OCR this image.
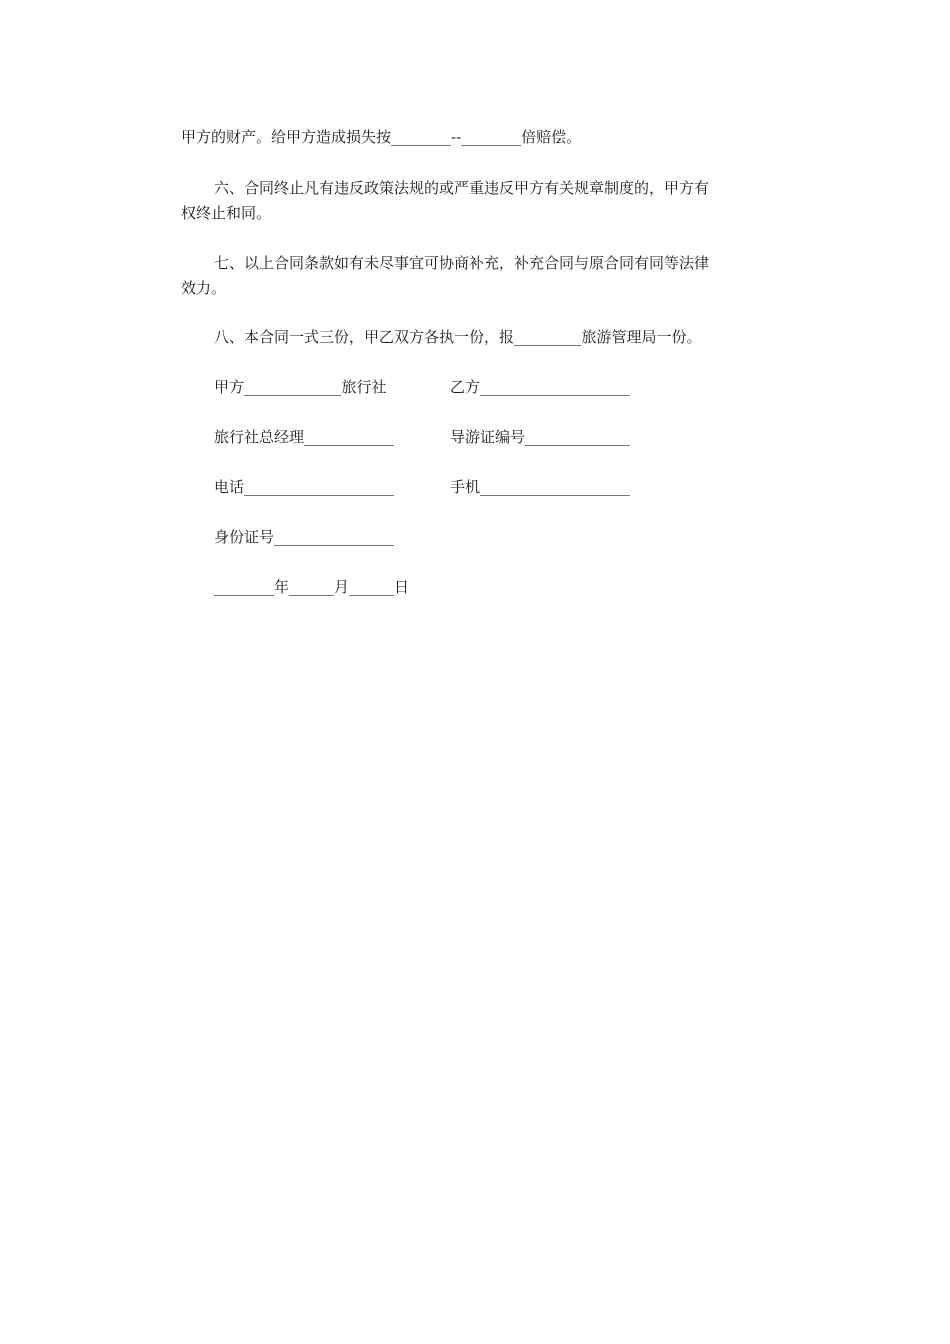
甲方的财产。给甲方造成损失按________--________倍赔偿。
六、合同终止凡有违反政策法规的或严重违反甲方有关规章制度的，甲方有
权终止和同。
七、以上合同条款如有未尽事宜可协商补充，补充合同与原合同有同等法律
效力。
八、本合同一式三份，甲乙双方各执一份，报_________旅游管理局一份。
甲方_____________旅行社	乙方____________________
旅行社总经理____________	导游证编号______________
电话____________________	手机____________________
身份证号________________
________年______月______日
